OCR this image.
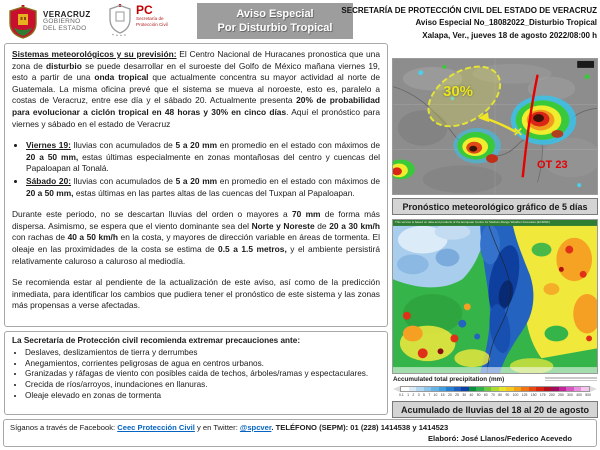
VERACRUZ
GOBIERNO
DEL ESTADO
PC
Secretaría de
Protección Civil
Aviso Especial
Por Disturbio Tropical
SECRETARÍA DE PROTECCIÓN CIVIL DEL ESTADO DE VERACRUZ
Aviso Especial No_18082022_Disturbio Tropical
Xalapa, Ver., jueves 18 de agosto 2022/08:00 h

Sistemas meteorológicos y su previsión: El Centro Nacional de Huracanes pronostica que una zona de disturbio se puede desarrollar en el suroeste del Golfo de México mañana viernes 19, esto a partir de una onda tropical que actualmente concentra su mayor actividad al norte de Guatemala. La misma oficina prevé que el sistema se mueva al noroeste, esto es, paralelo a costas de Veracruz, entre ese día y el sábado 20. Actualmente presenta 20% de probabilidad para evolucionar a ciclón tropical en 48 horas y 30% en cinco días. Aquí el pronóstico para viernes y sábado en el estado de Veracruz

• Viernes 19: lluvias con acumulados de 5 a 20 mm en promedio en el estado con máximos de 20 a 50 mm, estas últimas especialmente en zonas montañosas del centro y cuencas del Papaloapan al Tonalá.
• Sábado 20: lluvias con acumulados de 5 a 20 mm en promedio en el estado con máximos de 20 a 50 mm, estas últimas en las partes altas de las cuencas del Tuxpan al Papaloapan.

Durante este periodo, no se descartan lluvias del orden o mayores a 70 mm de forma más dispersa. Asimismo, se espera que el viento dominante sea del Norte y Noreste de 20 a 30 km/h con rachas de 40 a 50 km/h en la costa, y mayores de dirección variable en áreas de tormenta. El oleaje en las proximidades de la costa se estima de 0.5 a 1.5 metros, y el ambiente persistirá relativamente caluroso a caluroso al mediodía.

Se recomienda estar al pendiente de la actualización de este aviso, así como de la predicción inmediata, para identificar los cambios que pudiera tener el pronóstico de este sistema y las zonas más propensas a verse afectadas.

La Secretaría de Protección civil recomienda extremar precauciones ante:
• Deslaves, deslizamientos de tierra y derrumbes
• Anegamientos, corrientes peligrosas de agua en centros urbanos.
• Granizadas y ráfagas de viento con posibles caida de techos, árboles/ramas y espectaculares.
• Crecida de ríos/arroyos, inundaciones en llanuras.
• Oleaje elevado en zonas de tormenta
30%
✕
OT 23
Pronóstico meteorológico gráfico de 5 días
This service is based on data and products of the European Centre for Medium-Range Weather Forecasts (ECMWF)
Accumulated total precipitation (mm)
0.1 1 2 3 5 7 10 15 20 25 30 40 50 60 70 80 90 100 125 150 175 200 250 300 400 500
Acumulado de lluvias del 18 al 20 de agosto
Síganos a través de Facebook: Ceec Protección Civil y en Twitter: @spcver. TELÉFONO (SEPM): 01 (228) 1414538 y 1414523
Elaboró: José Llanos/Federico Acevedo
